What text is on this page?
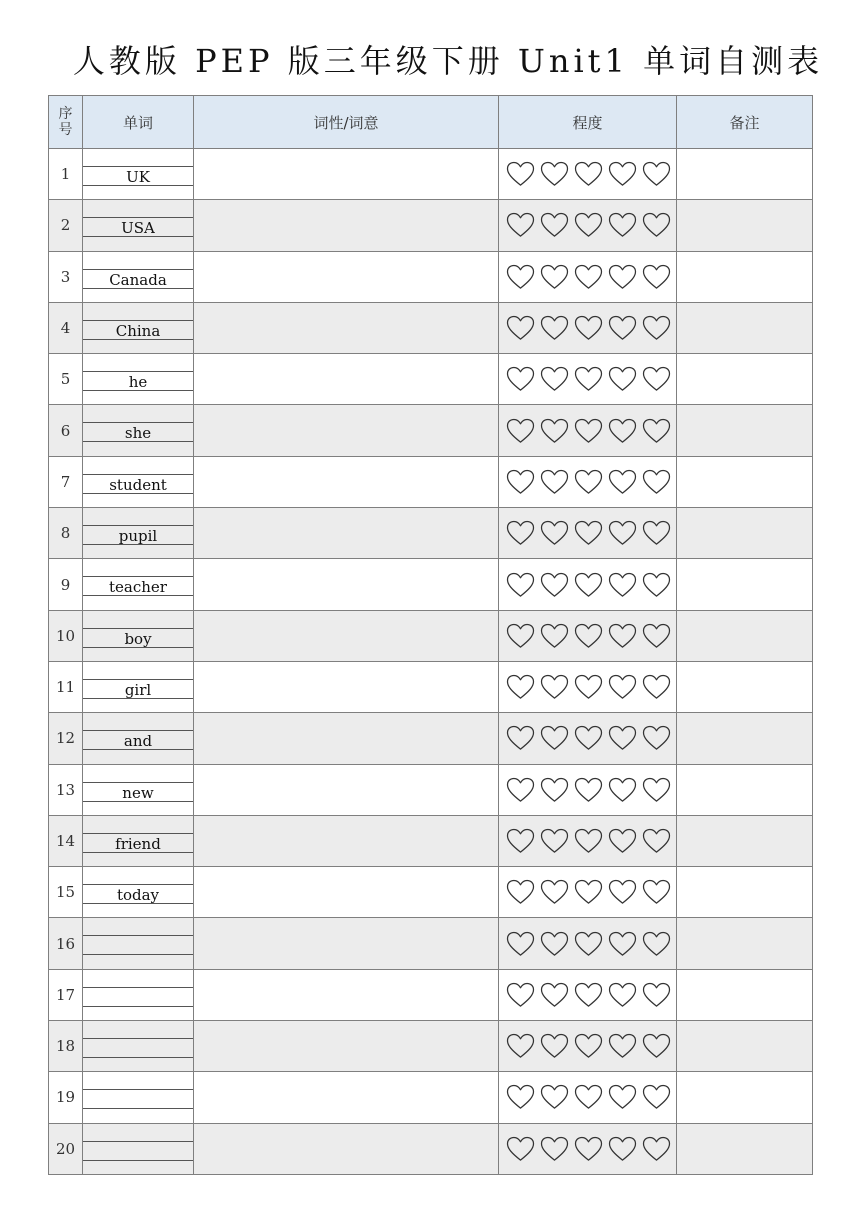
人教版 PEP 版三年级下册 Unit1 单词自测表
序
号	单词	词性/词意	程度	备注
1	UK

2	USA

3	Canada

4	China

5	he

6	she

7	student

8	pupil

9	teacher

10	boy

11	girl

12	and

13	new

14	friend

15	today

16	

17	

18	

19	

20	
